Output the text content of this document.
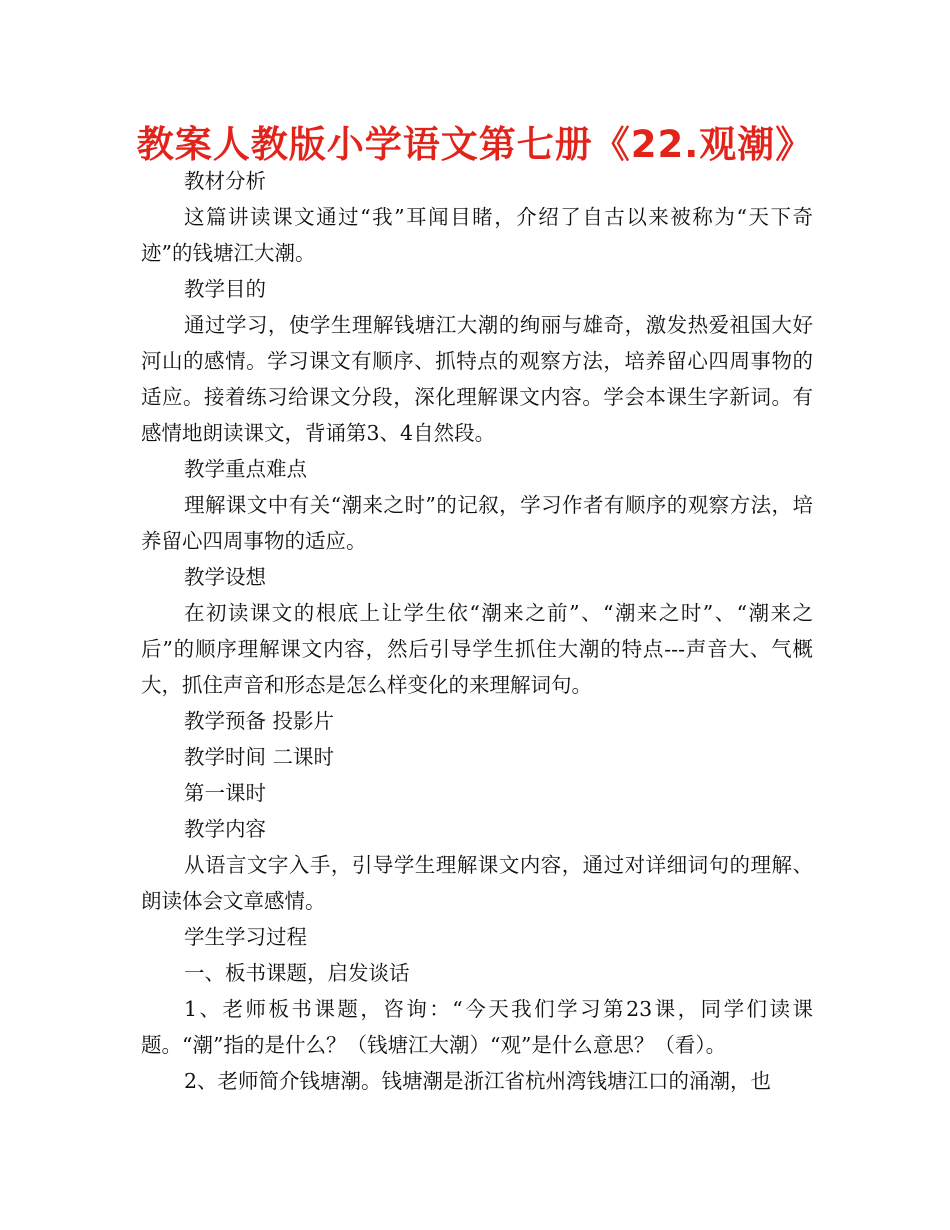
教案人教版小学语文第七册《22.观潮》

教材分析

这篇讲读课文通过“我”耳闻目睹，介绍了自古以来被称为“天下奇迹”的钱塘江大潮。

教学目的

通过学习，使学生理解钱塘江大潮的绚丽与雄奇，激发热爱祖国大好河山的感情。学习课文有顺序、抓特点的观察方法，培养留心四周事物的适应。接着练习给课文分段，深化理解课文内容。学会本课生字新词。有感情地朗读课文，背诵第3、4自然段。

教学重点难点

理解课文中有关“潮来之时”的记叙，学习作者有顺序的观察方法，培养留心四周事物的适应。

教学设想

在初读课文的根底上让学生依“潮来之前”、“潮来之时”、“潮来之后”的顺序理解课文内容，然后引导学生抓住大潮的特点---声音大、气概大，抓住声音和形态是怎么样变化的来理解词句。

教学预备 投影片

教学时间 二课时

第一课时

教学内容

从语言文字入手，引导学生理解课文内容，通过对详细词句的理解、朗读体会文章感情。

学生学习过程

一、板书课题，启发谈话

1、老师板书课题，咨询：“今天我们学习第23课，同学们读课题。“潮”指的是什么？（钱塘江大潮）“观”是什么意思？（看）。

2、老师简介钱塘潮。钱塘潮是浙江省杭州湾钱塘江口的涌潮，也
